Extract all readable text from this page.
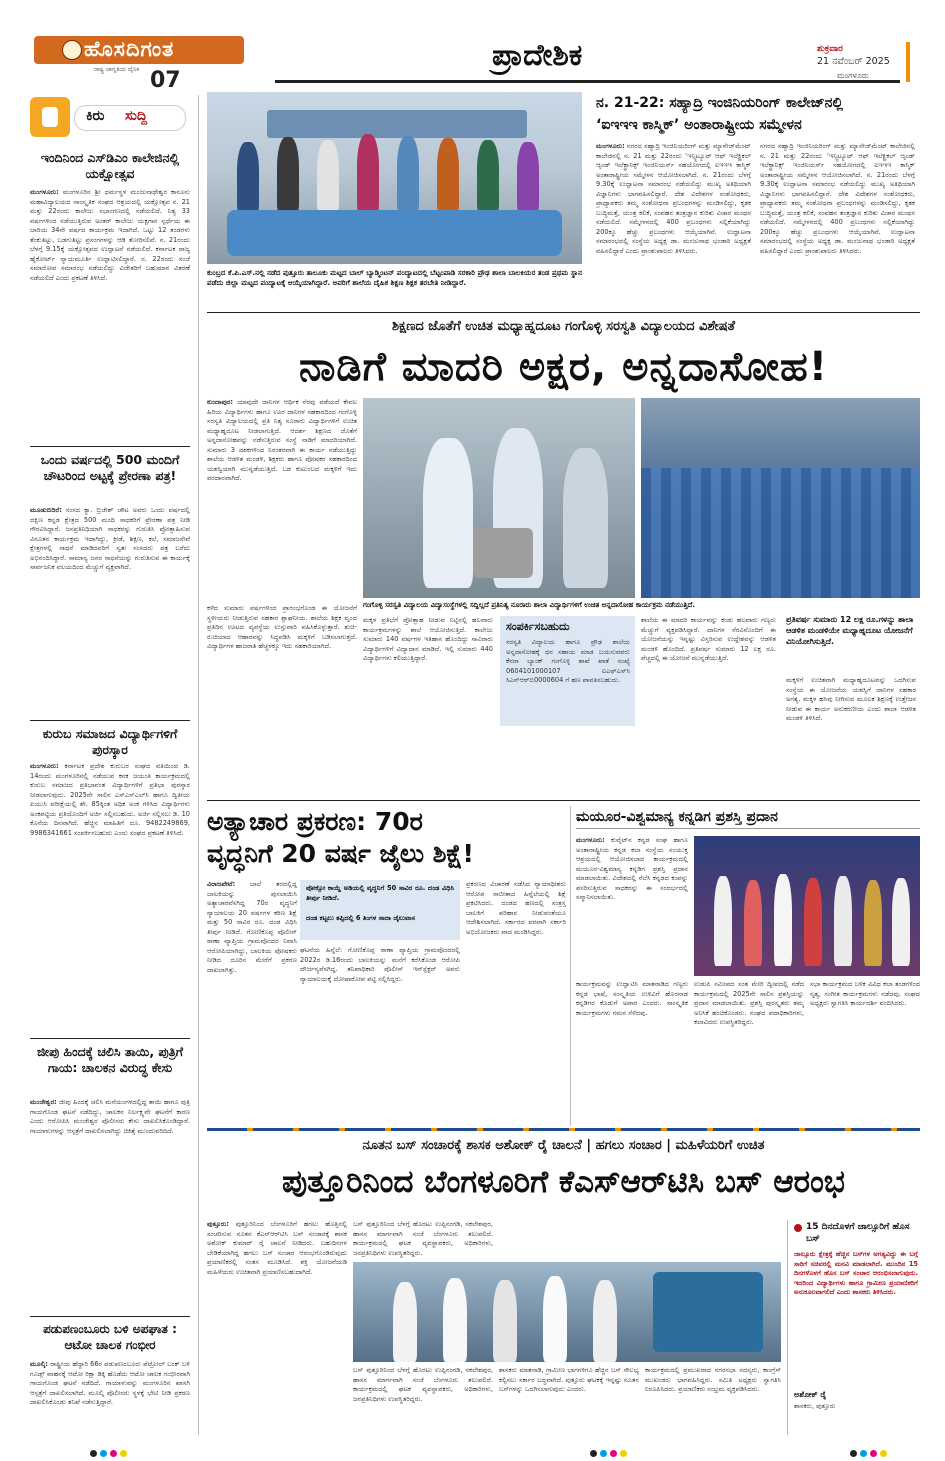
ಹೊಸದಿಗಂತ
ರಾಷ್ಟ್ರ ಜಾಗೃತಿಯ ದೈನಿಕ 07
ಪ್ರಾದೇಶಿಕ	ಶುಕ್ರವಾರ
21 ನವೆಂಬರ್ 2025
ಮಂಗಳೂರು
ಕಿರು ಸುದ್ದಿ
ಇಂದಿನಿಂದ ಎಸ್‌ಡಿಎಂ ಕಾಲೇಜಿನಲ್ಲಿ ಯಕ್ಷೋತ್ಸವ
ಮಂಗಳೂರು: ಮಂಗಳೂರಿನ ಶ್ರೀ ಧರ್ಮಸ್ಥಳ ಮಂಜುನಾಥೇಶ್ವರ ಕಾನೂನು ಮಹಾವಿದ್ಯಾಲಯದ ಸಾಂಸ್ಕೃತಿಕ ಸಂಘದ ಆಶ್ರಯದಲ್ಲಿ ಯಕ್ಷೋತ್ಸವ ನ. 21 ಮತ್ತು 22ರಂದು ಕಾಲೇಜು ಸಭಾಂಗಣದಲ್ಲಿ ನಡೆಯಲಿದೆ. ನಿತ್ಯ 33 ವರ್ಷಗಳಿಂದ ನಡೆಯುತ್ತಿರುವ ಅಂತರ್ ಕಾಲೇಜು ಯಕ್ಷಗಾನ ಸ್ಪರ್ಧೆಯ ಈ ಬಾರಿಯ 34ನೇ ವರ್ಷದ ಕಾರ್ಯಕ್ರಮ ಇದಾಗಿದೆ. ಒಟ್ಟು 12 ತಂಡಗಳು ತೆಂಕುತಿಟ್ಟು, ಬಡಗುತಿಟ್ಟು ಪ್ರಸಂಗಗಳನ್ನು ಆಡಿ ತೋರಿಸಲಿವೆ. ನ. 21ರಂದು ಬೆಳಗ್ಗೆ 9.15ಕ್ಕೆ ಯಕ್ಷೋತ್ಸವದ ಉದ್ಘಾಟನೆ ನಡೆಯಲಿದೆ. ಕರ್ನಾಟಕ ರಾಜ್ಯ ಹೈಕೋರ್ಟ್ ನ್ಯಾಯಮೂರ್ತಿ ಉದ್ಘಾಟಿಸಲಿದ್ದಾರೆ. ನ. 22ರಂದು ಸಂಜೆ ಸಮಾರೋಪ ಸಮಾರಂಭ ನಡೆಯಲಿದ್ದು ವಿಜೇತರಿಗೆ ಬಹುಮಾನ ವಿತರಣೆ ನಡೆಯಲಿದೆ ಎಂದು ಪ್ರಕಟಣೆ ತಿಳಿಸಿದೆ.
ಒಂದು ವರ್ಷದಲ್ಲಿ 500 ಮಂದಿಗೆ ಚೌಟರಿಂದ ಅಟ್ಟಕ್ಕೆ ಪ್ರೇರಣಾ ಪತ್ರ!
ಮೂಡುಬಿದಿರೆ: ಸಂಸದ ಕ್ಯಾ. ಬ್ರಿಜೇಶ್ ಚೌಟ ಅವರು ಒಂದು ವರ್ಷದಲ್ಲಿ ದಕ್ಷಿಣ ಕನ್ನಡ ಕ್ಷೇತ್ರದ 500 ಮಂದಿ ಸಾಧಕರಿಗೆ ಪ್ರೇರಣಾ ಪತ್ರ ನೀಡಿ ಗೌರವಿಸಿದ್ದಾರೆ. ಜನಪ್ರತಿನಿಧಿಯಾಗಿ ಸಾಧಕರನ್ನು ಗುರುತಿಸಿ ಪ್ರೋತ್ಸಾಹಿಸುವ ವಿನೂತನ ಕಾರ್ಯಕ್ರಮ ಇದಾಗಿದ್ದು, ಕ್ರೀಡೆ, ಶಿಕ್ಷಣ, ಕಲೆ, ಸಮಾಜಸೇವೆ ಕ್ಷೇತ್ರಗಳಲ್ಲಿ ಸಾಧನೆ ಮಾಡಿದವರಿಗೆ ಸ್ವತಃ ಸಂಸದರು ಪತ್ರ ಬರೆದು ಅಭಿನಂದಿಸಿದ್ದಾರೆ. ಸಾಮಾನ್ಯ ಜನರ ಸಾಧನೆಯನ್ನು ಗುರುತಿಸುವ ಈ ಕಾರ್ಯಕ್ಕೆ ಸಾರ್ವಜನಿಕ ವಲಯದಿಂದ ಮೆಚ್ಚುಗೆ ವ್ಯಕ್ತವಾಗಿದೆ.
ಕುರುಬ ಸಮಾಜದ ವಿದ್ಯಾರ್ಥಿಗಳಿಗೆ ಪುರಸ್ಕಾರ
ಮಂಗಳೂರು: ಕರ್ನಾಟಕ ಪ್ರದೇಶ ಕುರುಬರ ಸಂಘದ ವತಿಯಿಂದ ಡಿ. 14ರಂದು ಮಂಗಳೂರಿನಲ್ಲಿ ನಡೆಯುವ ಕನಕ ಜಯಂತಿ ಕಾರ್ಯಕ್ರಮದಲ್ಲಿ ಕುರುಬ ಸಮಾಜದ ಪ್ರತಿಭಾವಂತ ವಿದ್ಯಾರ್ಥಿಗಳಿಗೆ ಪ್ರತಿಭಾ ಪುರಸ್ಕಾರ ನೀಡಲಾಗುವುದು. 2025ನೇ ಸಾಲಿನ ಎಸ್‌ಎಸ್‌ಎಲ್‌ಸಿ ಹಾಗೂ ದ್ವಿತೀಯ ಪಿಯುಸಿ ಪರೀಕ್ಷೆಯಲ್ಲಿ ಶೇ. 85ಕ್ಕಿಂತ ಅಧಿಕ ಅಂಕ ಗಳಿಸಿದ ವಿದ್ಯಾರ್ಥಿಗಳು ಅಂಕಪಟ್ಟಿಯ ಪ್ರತಿಯೊಂದಿಗೆ ಅರ್ಜಿ ಸಲ್ಲಿಸಬಹುದು. ಅರ್ಜಿ ಸಲ್ಲಿಸಲು ಡಿ. 10 ಕೊನೆಯ ದಿನವಾಗಿದೆ. ಹೆಚ್ಚಿನ ಮಾಹಿತಿಗೆ ದೂ. 9482249869, 9986341661 ಸಂಪರ್ಕಿಸಬಹುದು ಎಂದು ಸಂಘದ ಪ್ರಕಟಣೆ ತಿಳಿಸಿದೆ.
ಜೀಪು ಹಿಂದಕ್ಕೆ ಚಲಿಸಿ ತಾಯಿ, ಪುತ್ರಿಗೆ ಗಾಯ: ಚಾಲಕನ ವಿರುದ್ಧ ಕೇಸು
ಮಂಜೇಶ್ವರ: ಜೀಪು ಹಿಂದಕ್ಕೆ ಚಲಿಸಿ ಮನೆಯಂಗಳದಲ್ಲಿದ್ದ ತಾಯಿ ಹಾಗೂ ಪುತ್ರಿ ಗಾಯಗೊಂಡ ಘಟನೆ ನಡೆದಿದ್ದು, ಚಾಲಕನ ನಿರ್ಲಕ್ಷ್ಯವೇ ಘಟನೆಗೆ ಕಾರಣ ಎಂದು ಆರೋಪಿಸಿ ಮಂಜೇಶ್ವರ ಪೊಲೀಸರು ಕೇಸು ದಾಖಲಿಸಿಕೊಂಡಿದ್ದಾರೆ. ಗಾಯಾಳುಗಳನ್ನು ಆಸ್ಪತ್ರೆಗೆ ದಾಖಲಿಸಲಾಗಿದ್ದು ಚಿಕಿತ್ಸೆ ಮುಂದುವರಿದಿದೆ.
ಪಡುಪಣಂಬೂರು ಬಳಿ ಅಪಘಾತ : ಆಟೋ ಚಾಲಕ ಗಂಭೀರ
ಮೂಲ್ಕಿ: ರಾಷ್ಟ್ರೀಯ ಹೆದ್ದಾರಿ 66ರ ಪಡುಪಣಂಬೂರು ಪೆಟ್ರೋಲ್ ಬಂಕ್ ಬಳಿ ಗೂಡ್ಸ್ ವಾಹನಕ್ಕೆ ಆಟೋ ರಿಕ್ಷಾ ಡಿಕ್ಕಿ ಹೊಡೆದು ಆಟೋ ಚಾಲಕ ಗಂಭೀರವಾಗಿ ಗಾಯಗೊಂಡ ಘಟನೆ ನಡೆದಿದೆ. ಗಾಯಾಳುವನ್ನು ಮಂಗಳೂರಿನ ಖಾಸಗಿ ಆಸ್ಪತ್ರೆಗೆ ದಾಖಲಿಸಲಾಗಿದೆ. ಮೂಲ್ಕಿ ಪೊಲೀಸರು ಸ್ಥಳಕ್ಕೆ ಭೇಟಿ ನೀಡಿ ಪ್ರಕರಣ ದಾಖಲಿಸಿಕೊಂಡು ತನಿಖೆ ನಡೆಸುತ್ತಿದ್ದಾರೆ.
ಕುಂಬ್ರದ ಕೆ.ಪಿ.ಎಸ್.ನಲ್ಲಿ ನಡೆದ ಪುತ್ತೂರು ತಾಲೂಕು ಮಟ್ಟದ ಬಾಲ್ ಬ್ಯಾಡ್ಮಿಂಟನ್ ಪಂದ್ಯಾಟದಲ್ಲಿ ಬೆಟ್ಟಂಪಾಡಿ ಸರಕಾರಿ ಪ್ರೌಢ ಶಾಲಾ ಬಾಲಕಿಯರ ತಂಡ ಪ್ರಥಮ ಸ್ಥಾನ ಪಡೆದು ಜಿಲ್ಲಾ ಮಟ್ಟದ ಪಂದ್ಯಾಟಕ್ಕೆ ಆಯ್ಕೆಯಾಗಿದ್ದಾರೆ. ಅವರಿಗೆ ಶಾಲೆಯ ದೈಹಿಕ ಶಿಕ್ಷಣ ಶಿಕ್ಷಕ ತರಬೇತಿ ನೀಡಿದ್ದಾರೆ.
ನ. 21-22: ಸಹ್ಯಾದ್ರಿ ಇಂಜಿನಿಯರಿಂಗ್ ಕಾಲೇಜ್‌ನಲ್ಲಿ
‘ಐಇಇಇ ಕಾಸ್ಮಿಕ್’ ಅಂತಾರಾಷ್ಟ್ರೀಯ ಸಮ್ಮೇಳನ
ಮಂಗಳೂರು: ನಗರದ ಸಹ್ಯಾದ್ರಿ ಇಂಜಿನಿಯರಿಂಗ್ ಮತ್ತು ಮ್ಯಾನೇಜ್‌ಮೆಂಟ್ ಕಾಲೇಜಿನಲ್ಲಿ ನ. 21 ಮತ್ತು 22ರಂದು ‘ಇನ್ಸ್ಟಿಟ್ಯೂಟ್ ಆಫ್ ಇಲೆಕ್ಟ್ರಿಕಲ್ ಆ್ಯಂಡ್ ಇಲೆಕ್ಟ್ರಾನಿಕ್ಸ್ ಇಂಜಿನಿಯರ್ಸ್ ಸಹಯೋಗದಲ್ಲಿ ಐಇಇಇ ಕಾಸ್ಮಿಕ್ ಅಂತಾರಾಷ್ಟ್ರೀಯ ಸಮ್ಮೇಳನ ಆಯೋಜಿಸಲಾಗಿದೆ. ನ. 21ರಂದು ಬೆಳಗ್ಗೆ 9.30ಕ್ಕೆ ಉದ್ಘಾಟನಾ ಸಮಾರಂಭ ನಡೆಯಲಿದ್ದು ಮುಖ್ಯ ಅತಿಥಿಯಾಗಿ ವಿಜ್ಞಾನಿಗಳು ಭಾಗವಹಿಸಲಿದ್ದಾರೆ. ದೇಶ ವಿದೇಶಗಳ ಸಂಶೋಧಕರು, ಪ್ರಾಧ್ಯಾಪಕರು ತಮ್ಮ ಸಂಶೋಧನಾ ಪ್ರಬಂಧಗಳನ್ನು ಮಂಡಿಸಲಿದ್ದು, ಕೃತಕ ಬುದ್ಧಿಮತ್ತೆ, ಯಂತ್ರ ಕಲಿಕೆ, ಸಂವಹನ ತಂತ್ರಜ್ಞಾನ ಕುರಿತು ವಿಚಾರ ಮಂಥನ ನಡೆಯಲಿದೆ. ಸಮ್ಮೇಳನದಲ್ಲಿ 400 ಪ್ರಬಂಧಗಳು ಸಲ್ಲಿಕೆಯಾಗಿದ್ದು 200ಕ್ಕೂ ಹೆಚ್ಚು ಪ್ರಬಂಧಗಳು ಆಯ್ಕೆಯಾಗಿವೆ. ಉದ್ಘಾಟನಾ ಸಮಾರಂಭದಲ್ಲಿ ಸಂಸ್ಥೆಯ ಅಧ್ಯಕ್ಷ ಡಾ. ಮಂಜುನಾಥ ಭಂಡಾರಿ ಅಧ್ಯಕ್ಷತೆ ವಹಿಸಲಿದ್ದಾರೆ ಎಂದು ಪ್ರಾಂಶುಪಾಲರು ತಿಳಿಸಿದರು.
ನಗರದ ಸಹ್ಯಾದ್ರಿ ಇಂಜಿನಿಯರಿಂಗ್ ಮತ್ತು ಮ್ಯಾನೇಜ್‌ಮೆಂಟ್ ಕಾಲೇಜಿನಲ್ಲಿ ನ. 21 ಮತ್ತು 22ರಂದು ‘ಇನ್ಸ್ಟಿಟ್ಯೂಟ್ ಆಫ್ ಇಲೆಕ್ಟ್ರಿಕಲ್ ಆ್ಯಂಡ್ ಇಲೆಕ್ಟ್ರಾನಿಕ್ಸ್ ಇಂಜಿನಿಯರ್ಸ್ ಸಹಯೋಗದಲ್ಲಿ ಐಇಇಇ ಕಾಸ್ಮಿಕ್ ಅಂತಾರಾಷ್ಟ್ರೀಯ ಸಮ್ಮೇಳನ ಆಯೋಜಿಸಲಾಗಿದೆ. ನ. 21ರಂದು ಬೆಳಗ್ಗೆ 9.30ಕ್ಕೆ ಉದ್ಘಾಟನಾ ಸಮಾರಂಭ ನಡೆಯಲಿದ್ದು ಮುಖ್ಯ ಅತಿಥಿಯಾಗಿ ವಿಜ್ಞಾನಿಗಳು ಭಾಗವಹಿಸಲಿದ್ದಾರೆ. ದೇಶ ವಿದೇಶಗಳ ಸಂಶೋಧಕರು, ಪ್ರಾಧ್ಯಾಪಕರು ತಮ್ಮ ಸಂಶೋಧನಾ ಪ್ರಬಂಧಗಳನ್ನು ಮಂಡಿಸಲಿದ್ದು, ಕೃತಕ ಬುದ್ಧಿಮತ್ತೆ, ಯಂತ್ರ ಕಲಿಕೆ, ಸಂವಹನ ತಂತ್ರಜ್ಞಾನ ಕುರಿತು ವಿಚಾರ ಮಂಥನ ನಡೆಯಲಿದೆ. ಸಮ್ಮೇಳನದಲ್ಲಿ 400 ಪ್ರಬಂಧಗಳು ಸಲ್ಲಿಕೆಯಾಗಿದ್ದು 200ಕ್ಕೂ ಹೆಚ್ಚು ಪ್ರಬಂಧಗಳು ಆಯ್ಕೆಯಾಗಿವೆ. ಉದ್ಘಾಟನಾ ಸಮಾರಂಭದಲ್ಲಿ ಸಂಸ್ಥೆಯ ಅಧ್ಯಕ್ಷ ಡಾ. ಮಂಜುನಾಥ ಭಂಡಾರಿ ಅಧ್ಯಕ್ಷತೆ ವಹಿಸಲಿದ್ದಾರೆ ಎಂದು ಪ್ರಾಂಶುಪಾಲರು ತಿಳಿಸಿದರು.
ಶಿಕ್ಷಣದ ಜೊತೆಗೆ ಉಚಿತ ಮಧ್ಯಾಹ್ನದೂಟ ಗಂಗೊಳ್ಳಿ ಸರಸ್ವತಿ ವಿದ್ಯಾಲಯದ ವಿಶೇಷತೆ
ನಾಡಿಗೆ ಮಾದರಿ ಅಕ್ಷರ, ಅನ್ನದಾಸೋಹ!
ಕುಂದಾಪುರ: ಯಾವುದೇ ದಾನಿಗಳ ಆರ್ಥಿಕ ನೆರವು ಪಡೆಯದೆ ಕೇವಲ ಹಿರಿಯ ವಿದ್ಯಾರ್ಥಿಗಳು ಹಾಗೂ ಊರ ದಾನಿಗಳ ಸಹಕಾರದಿಂದ ಗಂಗೊಳ್ಳಿ ಸರಸ್ವತಿ ವಿದ್ಯಾಲಯದಲ್ಲಿ ಪ್ರತಿ ನಿತ್ಯ ನೂರಾರು ವಿದ್ಯಾರ್ಥಿಗಳಿಗೆ ಉಚಿತ ಮಧ್ಯಾಹ್ನದೂಟ ನೀಡಲಾಗುತ್ತಿದೆ. ಆದರ್ಶ ಶಿಕ್ಷಣದ ಜೊತೆಗೆ ಅನ್ನದಾಸೋಹವನ್ನು ನಡೆಸುತ್ತಿರುವ ಸಂಸ್ಥೆ ನಾಡಿಗೆ ಮಾದರಿಯಾಗಿದೆ. ಸುಮಾರು 3 ದಶಕಗಳಿಂದ ನಿರಂತರವಾಗಿ ಈ ಕಾರ್ಯ ನಡೆಯುತ್ತಿದ್ದು ಶಾಲೆಯ ಆಡಳಿತ ಮಂಡಳಿ, ಶಿಕ್ಷಕರು ಹಾಗೂ ಪೋಷಕರ ಸಹಕಾರದಿಂದ ಯಶಸ್ವಿಯಾಗಿ ಮುನ್ನಡೆಯುತ್ತಿದೆ. ಬಡ ಕುಟುಂಬದ ಮಕ್ಕಳಿಗೆ ಇದು ವರದಾನವಾಗಿದೆ.
ಗಂಗೊಳ್ಳಿ ಸರಸ್ವತಿ ವಿದ್ಯಾಲಯ ವಿದ್ಯಾಸಂಸ್ಥೆಗಳಲ್ಲಿ ಸದ್ದಿಲ್ಲದೆ ಪ್ರತಿನಿತ್ಯ ನೂರಾರು ಶಾಲಾ ವಿದ್ಯಾರ್ಥಿಗಳಿಗೆ ಉಚಿತ ಅನ್ನದಾಸೋಹ ಕಾರ್ಯಕ್ರಮ ನಡೆಯುತ್ತಿದೆ.
ಕಳೆದ ಸುಮಾರು ವರ್ಷಗಳಿಂದ ಪ್ರಾರಂಭಗೊಂಡ ಈ ಯೋಜನೆಗೆ ಸ್ಥಳೀಯರು ನೀಡುತ್ತಿರುವ ಸಹಕಾರ ಶ್ಲಾಘನೀಯ. ಶಾಲೆಯ ಶಿಕ್ಷಕ ವೃಂದ ಪ್ರತಿದಿನ ಊಟದ ವ್ಯವಸ್ಥೆಯ ಉಸ್ತುವಾರಿ ವಹಿಸಿಕೊಳ್ಳುತ್ತಾರೆ. ಶುಚಿ-ರುಚಿಯಾದ ಆಹಾರವನ್ನು ಸಿದ್ಧಪಡಿಸಿ ಮಕ್ಕಳಿಗೆ ಬಡಿಸಲಾಗುತ್ತದೆ. ವಿದ್ಯಾರ್ಥಿಗಳ ಹಾಜರಾತಿ ಹೆಚ್ಚಳಕ್ಕೂ ಇದು ಸಹಕಾರಿಯಾಗಿದೆ.
ಮಕ್ಕಳ ಪ್ರತಿಭೆಗೆ ಪ್ರೋತ್ಸಾಹ ನೀಡುವ ನಿಟ್ಟಿನಲ್ಲಿ ಹಲವಾರು ಕಾರ್ಯಕ್ರಮಗಳನ್ನು ಶಾಲೆ ಆಯೋಜಿಸುತ್ತಿದೆ. ಕಾಲೇಜು ಸುಮಾರು 140 ವರ್ಷಗಳ ಇತಿಹಾಸ ಹೊಂದಿದ್ದು ಸಾವಿರಾರು ವಿದ್ಯಾರ್ಥಿಗಳಿಗೆ ವಿದ್ಯಾದಾನ ಮಾಡಿದೆ. ಇಲ್ಲಿ ಸುಮಾರು 440 ವಿದ್ಯಾರ್ಥಿಗಳು ಕಲಿಯುತ್ತಿದ್ದಾರೆ.
ಸಂಪರ್ಕಿಸಬಹುದು
ಸರಸ್ವತಿ ವಿದ್ಯಾಲಯ ಹಾಗೂ ಪ್ರೌಢ ಶಾಲೆಯ ಅನ್ನದಾಸೋಹಕ್ಕೆ ಧನ ಸಹಾಯ ಮಾಡ ಬಯಸುವವರು ಕೆನರಾ ಬ್ಯಾಂಕ್ ಗಂಗೊಳ್ಳಿ ಶಾಖೆ ಖಾತೆ ಸಂಖ್ಯೆ 0604101000107 ಐಎಫ್‌ಎಸ್‌ಸಿ ಸಿಎನ್‌ಆರ್‌ಬಿ0000604 ಗೆ ಹಣ ಪಾವತಿಸಬಹುದು.
ಶಾಲೆಯ ಈ ಮಾದರಿ ಕಾರ್ಯವನ್ನು ಕಂಡು ಹಲವಾರು ಗಣ್ಯರು ಮೆಚ್ಚುಗೆ ವ್ಯಕ್ತಪಡಿಸಿದ್ದಾರೆ. ದಾನಿಗಳ ನೆರವಿನೊಂದಿಗೆ ಈ ಯೋಜನೆಯನ್ನು ಇನ್ನಷ್ಟು ವಿಸ್ತರಿಸುವ ಉದ್ದೇಶವನ್ನು ಆಡಳಿತ ಮಂಡಳಿ ಹೊಂದಿದೆ. ಪ್ರತಿವರ್ಷ ಸುಮಾರು 12 ಲಕ್ಷ ರೂ. ವೆಚ್ಚದಲ್ಲಿ ಈ ಯೋಜನೆ ಮುನ್ನಡೆಯುತ್ತಿದೆ.
ಪ್ರತಿವರ್ಷ ಸುಮಾರು 12 ಲಕ್ಷ ರೂ.ಗಳನ್ನು ಶಾಲಾ ಆಡಳಿತ ಮಂಡಳಿಯೇ ಮಧ್ಯಾಹ್ನದೂಟ ಯೋಜನೆಗೆ ವಿನಿಯೋಗಿಸುತ್ತಿದೆ.
ಮಕ್ಕಳಿಗೆ ಉಚಿತವಾಗಿ ಮಧ್ಯಾಹ್ನದೂಟವನ್ನು ಒದಗಿಸುವ ಸಂಸ್ಥೆಯ ಈ ಯೋಜನೆಯ ಯಶಸ್ಸಿಗೆ ದಾನಿಗಳ ಸಹಕಾರ ಅಗತ್ಯ. ಮಕ್ಕಳ ಹಸಿವು ನೀಗಿಸುವ ಮೂಲಕ ಶಿಕ್ಷಣಕ್ಕೆ ಉತ್ತೇಜನ ನೀಡುವ ಈ ಕಾರ್ಯ ಅನುಕರಣೀಯ ಎಂದು ಶಾಲಾ ಆಡಳಿತ ಮಂಡಳಿ ತಿಳಿಸಿದೆ.
ಅತ್ಯಾಚಾರ ಪ್ರಕರಣ: 70ರ
ವೃದ್ಧನಿಗೆ 20 ವರ್ಷ ಜೈಲು ಶಿಕ್ಷೆ!
ವಿರಾಜಪೇಟೆ: ಬಾಲೆ ತರದಲ್ಲಿದ್ದ ಬಾಲಕಿಯನ್ನು ಪುಸಲಾಯಿಸಿ ಅತ್ಯಾಚಾರವೆಸಗಿದ್ದ 70ರ ವೃದ್ಧನಿಗೆ ನ್ಯಾಯಾಲಯ 20 ವರ್ಷಗಳ ಕಠಿಣ ಶಿಕ್ಷೆ ಮತ್ತು 50 ಸಾವಿರ ರೂ. ದಂಡ ವಿಧಿಸಿ ತೀರ್ಪು ನೀಡಿದೆ. ಗೋಣಿಕೊಪ್ಪ ಪೊಲೀಸ್ ಠಾಣಾ ವ್ಯಾಪ್ತಿಯ ಗ್ರಾಮವೊಂದರ ನಿವಾಸಿ ಆರೋಪಿಯಾಗಿದ್ದು, ಬಾಲಕಿಯ ಪೋಷಕರು ನೀಡಿದ ದೂರಿನ ಮೇರೆಗೆ ಪ್ರಕರಣ ದಾಖಲಾಗಿತ್ತು.
ಪೋಕ್ಸೋ ಕಾಯ್ದೆ ಅಡಿಯಲ್ಲಿ ವೃದ್ಧನಿಗೆ 50 ಸಾವಿರ ರೂ. ದಂಡ ವಿಧಿಸಿ ತೀರ್ಪು ನೀಡಿದೆ.
ದಂಡ ಕಟ್ಟಲು ತಪ್ಪಿದಲ್ಲಿ 6 ತಿಂಗಳ ಸಾದಾ ಜೈಲುವಾಸ
ಘಟನೆಯ ಹಿನ್ನೆಲೆ: ಗೋಣಿಕೊಪ್ಪ ಠಾಣಾ ವ್ಯಾಪ್ತಿಯ ಗ್ರಾಮವೊಂದರಲ್ಲಿ 2022ರ ಡಿ.16ರಂದು ಬಾಲಕಿಯನ್ನು ಮನೆಗೆ ಕರೆಸಿಕೊಂಡ ಆರೋಪಿ ದೌರ್ಜನ್ಯವೆಸಗಿದ್ದ. ತನಿಖಾಧಿಕಾರಿ ಪೊಲೀಸ್ ಇನ್‌ಸ್ಪೆಕ್ಟರ್ ಅವರು ನ್ಯಾಯಾಲಯಕ್ಕೆ ದೋಷಾರೋಪ ಪಟ್ಟಿ ಸಲ್ಲಿಸಿದ್ದರು.
ಪ್ರಕರಣದ ವಿಚಾರಣೆ ನಡೆಸಿದ ನ್ಯಾಯಾಧೀಶರು ಆರೋಪ ಸಾಬೀತಾದ ಹಿನ್ನೆಲೆಯಲ್ಲಿ ಶಿಕ್ಷೆ ಪ್ರಕಟಿಸಿದರು. ದಂಡದ ಹಣದಲ್ಲಿ ಸಂತ್ರಸ್ತ ಬಾಲಕಿಗೆ ಪರಿಹಾರ ನೀಡುವಂತೆಯೂ ಆದೇಶಿಸಲಾಗಿದೆ. ಸರ್ಕಾರದ ಪರವಾಗಿ ಸರ್ಕಾರಿ ಅಭಿಯೋಜಕರು ವಾದ ಮಂಡಿಸಿದ್ದರು.
ಮಯೂರ-ವಿಶ್ವಮಾನ್ಯ ಕನ್ನಡಿಗ ಪ್ರಶಸ್ತಿ ಪ್ರದಾನ
ಮಂಗಳೂರು: ಕುವೈಟ್‌ನ ಕನ್ನಡ ಸಂಘ ಹಾಗೂ ಅಂತಾರಾಷ್ಟ್ರೀಯ ಕನ್ನಡ ಕಲಾ ಸಂಸ್ಥೆಯ ಸಂಯುಕ್ತ ಆಶ್ರಯದಲ್ಲಿ ಆಯೋಜಿಸಲಾದ ಕಾರ್ಯಕ್ರಮದಲ್ಲಿ ಮಯೂರ-ವಿಶ್ವಮಾನ್ಯ ಕನ್ನಡಿಗ ಪ್ರಶಸ್ತಿ ಪ್ರದಾನ ಮಾಡಲಾಯಿತು. ವಿದೇಶದಲ್ಲಿ ನೆಲೆಸಿ ಕನ್ನಡದ ಕಂಪನ್ನು ಪಸರಿಸುತ್ತಿರುವ ಸಾಧಕರನ್ನು ಈ ಸಂದರ್ಭದಲ್ಲಿ ಸನ್ಮಾನಿಸಲಾಯಿತು.
ಕಾರ್ಯಕ್ರಮವನ್ನು ಉದ್ಘಾಟಿಸಿ ಮಾತನಾಡಿದ ಗಣ್ಯರು ಕನ್ನಡ ಭಾಷೆ, ಸಂಸ್ಕೃತಿಯ ಉಳಿವಿಗೆ ಹೊರನಾಡ ಕನ್ನಡಿಗರ ಕೊಡುಗೆ ಅಪಾರ ಎಂದರು. ಸಾಂಸ್ಕೃತಿಕ ಕಾರ್ಯಕ್ರಮಗಳು ಗಮನ ಸೆಳೆದವು.
ಉಡುಪಿ ಸಮೀಪದ ಸಂತ ಮೇರಿ ದ್ವೀಪದಲ್ಲಿ ನಡೆದ ಕಾರ್ಯಕ್ರಮದಲ್ಲಿ 2025ನೇ ಸಾಲಿನ ಪ್ರಶಸ್ತಿಯನ್ನು ಪ್ರದಾನ ಮಾಡಲಾಯಿತು. ಪ್ರಶಸ್ತಿ ಪುರಸ್ಕೃತರು ತಮ್ಮ ಅನಿಸಿಕೆ ಹಂಚಿಕೊಂಡರು. ಸಂಘದ ಪದಾಧಿಕಾರಿಗಳು, ಕಲಾವಿದರು ಉಪಸ್ಥಿತರಿದ್ದರು.
ಸಭಾ ಕಾರ್ಯಕ್ರಮದ ಬಳಿಕ ವಿವಿಧ ಕಲಾ ತಂಡಗಳಿಂದ ನೃತ್ಯ, ಸಂಗೀತ ಕಾರ್ಯಕ್ರಮಗಳು ನಡೆದವು. ಸಂಘದ ಅಧ್ಯಕ್ಷರು ಸ್ವಾಗತಿಸಿ ಕಾರ್ಯದರ್ಶಿ ವಂದಿಸಿದರು.
ನೂತನ ಬಸ್ ಸಂಚಾರಕ್ಕೆ ಶಾಸಕ ಅಶೋಕ್ ರೈ ಚಾಲನೆ | ಹಗಲು ಸಂಚಾರ | ಮಹಿಳೆಯರಿಗೆ ಉಚಿತ
ಪುತ್ತೂರಿನಿಂದ ಬೆಂಗಳೂರಿಗೆ ಕೆಎಸ್‌ಆರ್‌ಟಿಸಿ ಬಸ್ ಆರಂಭ
ಪುತ್ತೂರು: ಪುತ್ತೂರಿನಿಂದ ಬೆಂಗಳೂರಿಗೆ ಹಗಲು ಹೊತ್ತಿನಲ್ಲಿ ಸಂಚರಿಸುವ ನೂತನ ಕೆಎಸ್‌ಆರ್‌ಟಿಸಿ ಬಸ್ ಸಂಚಾರಕ್ಕೆ ಶಾಸಕ ಅಶೋಕ್ ಕುಮಾರ್ ರೈ ಚಾಲನೆ ನೀಡಿದರು. ಬಹುದಿನಗಳ ಬೇಡಿಕೆಯಾಗಿದ್ದ ಹಗಲು ಬಸ್ ಸಂಚಾರ ಆರಂಭಗೊಂಡಿರುವುದು ಪ್ರಯಾಣಿಕರಲ್ಲಿ ಸಂತಸ ಮೂಡಿಸಿದೆ. ಶಕ್ತಿ ಯೋಜನೆಯಡಿ ಮಹಿಳೆಯರು ಉಚಿತವಾಗಿ ಪ್ರಯಾಣಿಸಬಹುದಾಗಿದೆ.
ಬಸ್ ಪುತ್ತೂರಿನಿಂದ ಬೆಳಗ್ಗೆ ಹೊರಟು ಉಪ್ಪಿನಂಗಡಿ, ಸಕಲೇಶಪುರ, ಹಾಸನ ಮಾರ್ಗವಾಗಿ ಸಂಜೆ ಬೆಂಗಳೂರು ತಲುಪಲಿದೆ. ಕಾರ್ಯಕ್ರಮದಲ್ಲಿ ಘಟಕ ವ್ಯವಸ್ಥಾಪಕರು, ಅಧಿಕಾರಿಗಳು, ಜನಪ್ರತಿನಿಧಿಗಳು ಉಪಸ್ಥಿತರಿದ್ದರು.
ಬಸ್ ಪುತ್ತೂರಿನಿಂದ ಬೆಳಗ್ಗೆ ಹೊರಟು ಉಪ್ಪಿನಂಗಡಿ, ಸಕಲೇಶಪುರ, ಹಾಸನ ಮಾರ್ಗವಾಗಿ ಸಂಜೆ ಬೆಂಗಳೂರು ತಲುಪಲಿದೆ. ಕಾರ್ಯಕ್ರಮದಲ್ಲಿ ಘಟಕ ವ್ಯವಸ್ಥಾಪಕರು, ಅಧಿಕಾರಿಗಳು, ಜನಪ್ರತಿನಿಧಿಗಳು ಉಪಸ್ಥಿತರಿದ್ದರು.
ಶಾಸಕರು ಮಾತನಾಡಿ, ಗ್ರಾಮೀಣ ಭಾಗಗಳಿಗೂ ಹೆಚ್ಚಿನ ಬಸ್ ಸೌಲಭ್ಯ ಕಲ್ಪಿಸಲು ಸರ್ಕಾರ ಬದ್ಧವಾಗಿದೆ. ಪುತ್ತೂರು ಘಟಕಕ್ಕೆ ಇನ್ನಷ್ಟು ನೂತನ ಬಸ್‌ಗಳನ್ನು ಒದಗಿಸಲಾಗುವುದು ಎಂದರು.
ಕಾರ್ಯಕ್ರಮದಲ್ಲಿ ಪ್ರಮುಖರಾದ ನಗರಸಭಾ ಸದಸ್ಯರು, ಕಾಂಗ್ರೆಸ್ ಮುಖಂಡರು ಭಾಗವಹಿಸಿದ್ದರು. ಸಮಿತಿ ಅಧ್ಯಕ್ಷರು ಸ್ವಾಗತಿಸಿ ನಿರೂಪಿಸಿದರು. ಪ್ರಯಾಣಿಕರು ಸಂಭ್ರಮ ವ್ಯಕ್ತಪಡಿಸಿದರು.
15 ದಿನದೊಳಗೆ ಜಾಲ್ಸೂರಿಗೆ ಹೊಸ ಬಸ್
ಜಾಲ್ಸೂರು ಕ್ಷೇತ್ರಕ್ಕೆ ಹೆಚ್ಚಿನ ಬಸ್‌ಗಳ ಅಗತ್ಯವಿದ್ದು ಈ ಬಗ್ಗೆ ಸಾರಿಗೆ ಸಚಿವರಲ್ಲಿ ಮನವಿ ಮಾಡಲಾಗಿದೆ. ಮುಂದಿನ 15 ದಿನಗಳೊಳಗೆ ಹೊಸ ಬಸ್ ಸಂಚಾರ ಆರಂಭಿಸಲಾಗುವುದು. ಇದರಿಂದ ವಿದ್ಯಾರ್ಥಿಗಳು ಹಾಗೂ ಗ್ರಾಮೀಣ ಪ್ರಯಾಣಿಕರಿಗೆ ಅನುಕೂಲವಾಗಲಿದೆ ಎಂದು ಶಾಸಕರು ತಿಳಿಸಿದರು.
ಅಶೋಕ್ ರೈ
ಶಾಸಕರು, ಪುತ್ತೂರು
